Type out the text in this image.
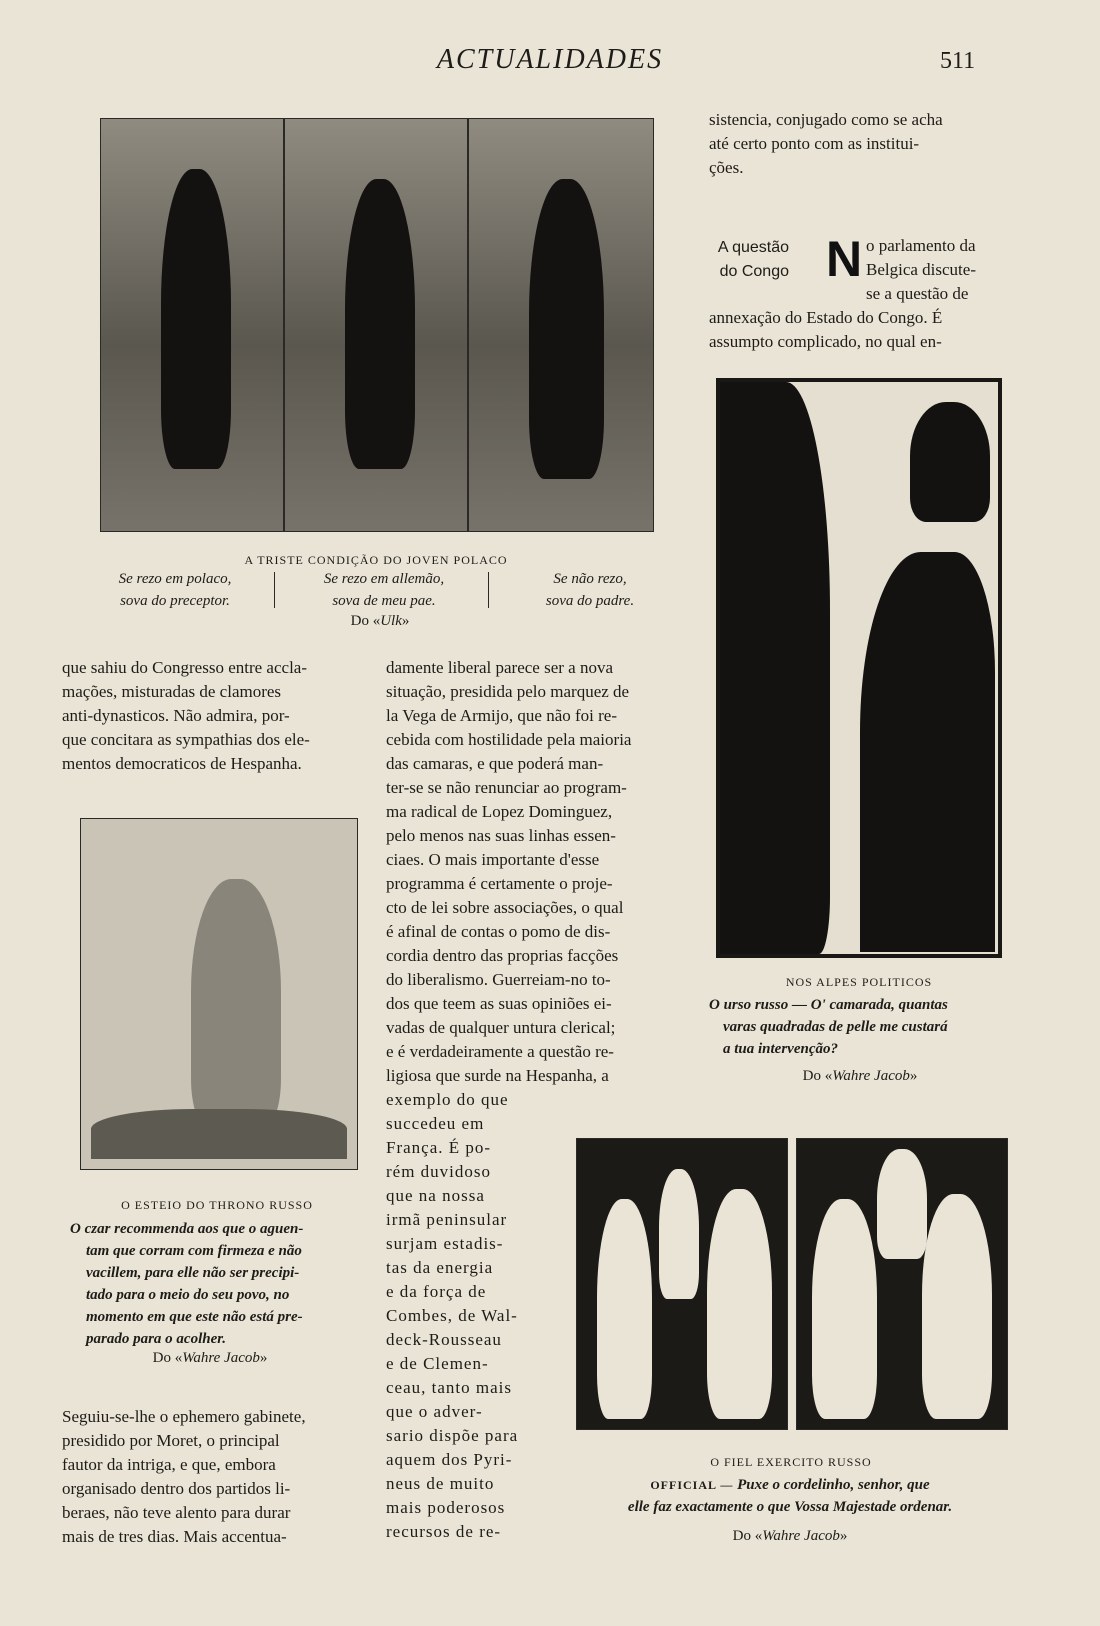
ACTUALIDADES	511
A TRISTE CONDIÇÃO DO JOVEN POLACO
Se rezo em polaco,
sova do preceptor.
Se rezo em allemão,
sova de meu pae.
Se não rezo,
sova do padre.
Do «Ulk»

sistencia, conjugado como se acha

até certo ponto com as institui-

ções.

A questão
do Congo N o parlamento da

Belgica discute-

se a questão de

annexação do Estado do Congo. É

assumpto complicado, no qual en-

NOS ALPES POLITICOS
O urso russo — O' camarada, quantas
varas quadradas de pelle me custará
a tua intervenção?
Do «Wahre Jacob»

que sahiu do Congresso entre accla-

mações, misturadas de clamores

anti-dynasticos. Não admira, por-

que concitara as sympathias dos ele-

mentos democraticos de Hespanha.

O ESTEIO DO THRONO RUSSO
O czar recommenda aos que o aguen-
tam que corram com firmeza e não
vacillem, para elle não ser precipi-
tado para o meio do seu povo, no
momento em que este não está pre-
parado para o acolher.
Do «Wahre Jacob»

Seguiu-se-lhe o ephemero gabinete,

presidido por Moret, o principal

fautor da intriga, e que, embora

organisado dentro dos partidos li-

beraes, não teve alento para durar

mais de tres dias. Mais accentua-

damente liberal parece ser a nova

situação, presidida pelo marquez de

la Vega de Armijo, que não foi re-

cebida com hostilidade pela maioria

das camaras, e que poderá man-

ter-se se não renunciar ao program-

ma radical de Lopez Dominguez,

pelo menos nas suas linhas essen-

ciaes. O mais importante d'esse

programma é certamente o proje-

cto de lei sobre associações, o qual

é afinal de contas o pomo de dis-

cordia dentro das proprias facções

do liberalismo. Guerreiam-no to-

dos que teem as suas opiniões ei-

vadas de qualquer untura clerical;

e é verdadeiramente a questão re-

ligiosa que surde na Hespanha, a

exemplo do que

succedeu em

França. É po-

rém duvidoso

que na nossa

irmã peninsular

surjam estadis-

tas da energia

e da força de

Combes, de Wal-

deck-Rousseau

e de Clemen-

ceau, tanto mais

que o adver-

sario dispõe para

aquem dos Pyri-

neus de muito

mais poderosos

recursos de re-

O FIEL EXERCITO RUSSO
OFFICIAL — Puxe o cordelinho, senhor, que
elle faz exactamente o que Vossa Majestade ordenar.
Do «Wahre Jacob»
